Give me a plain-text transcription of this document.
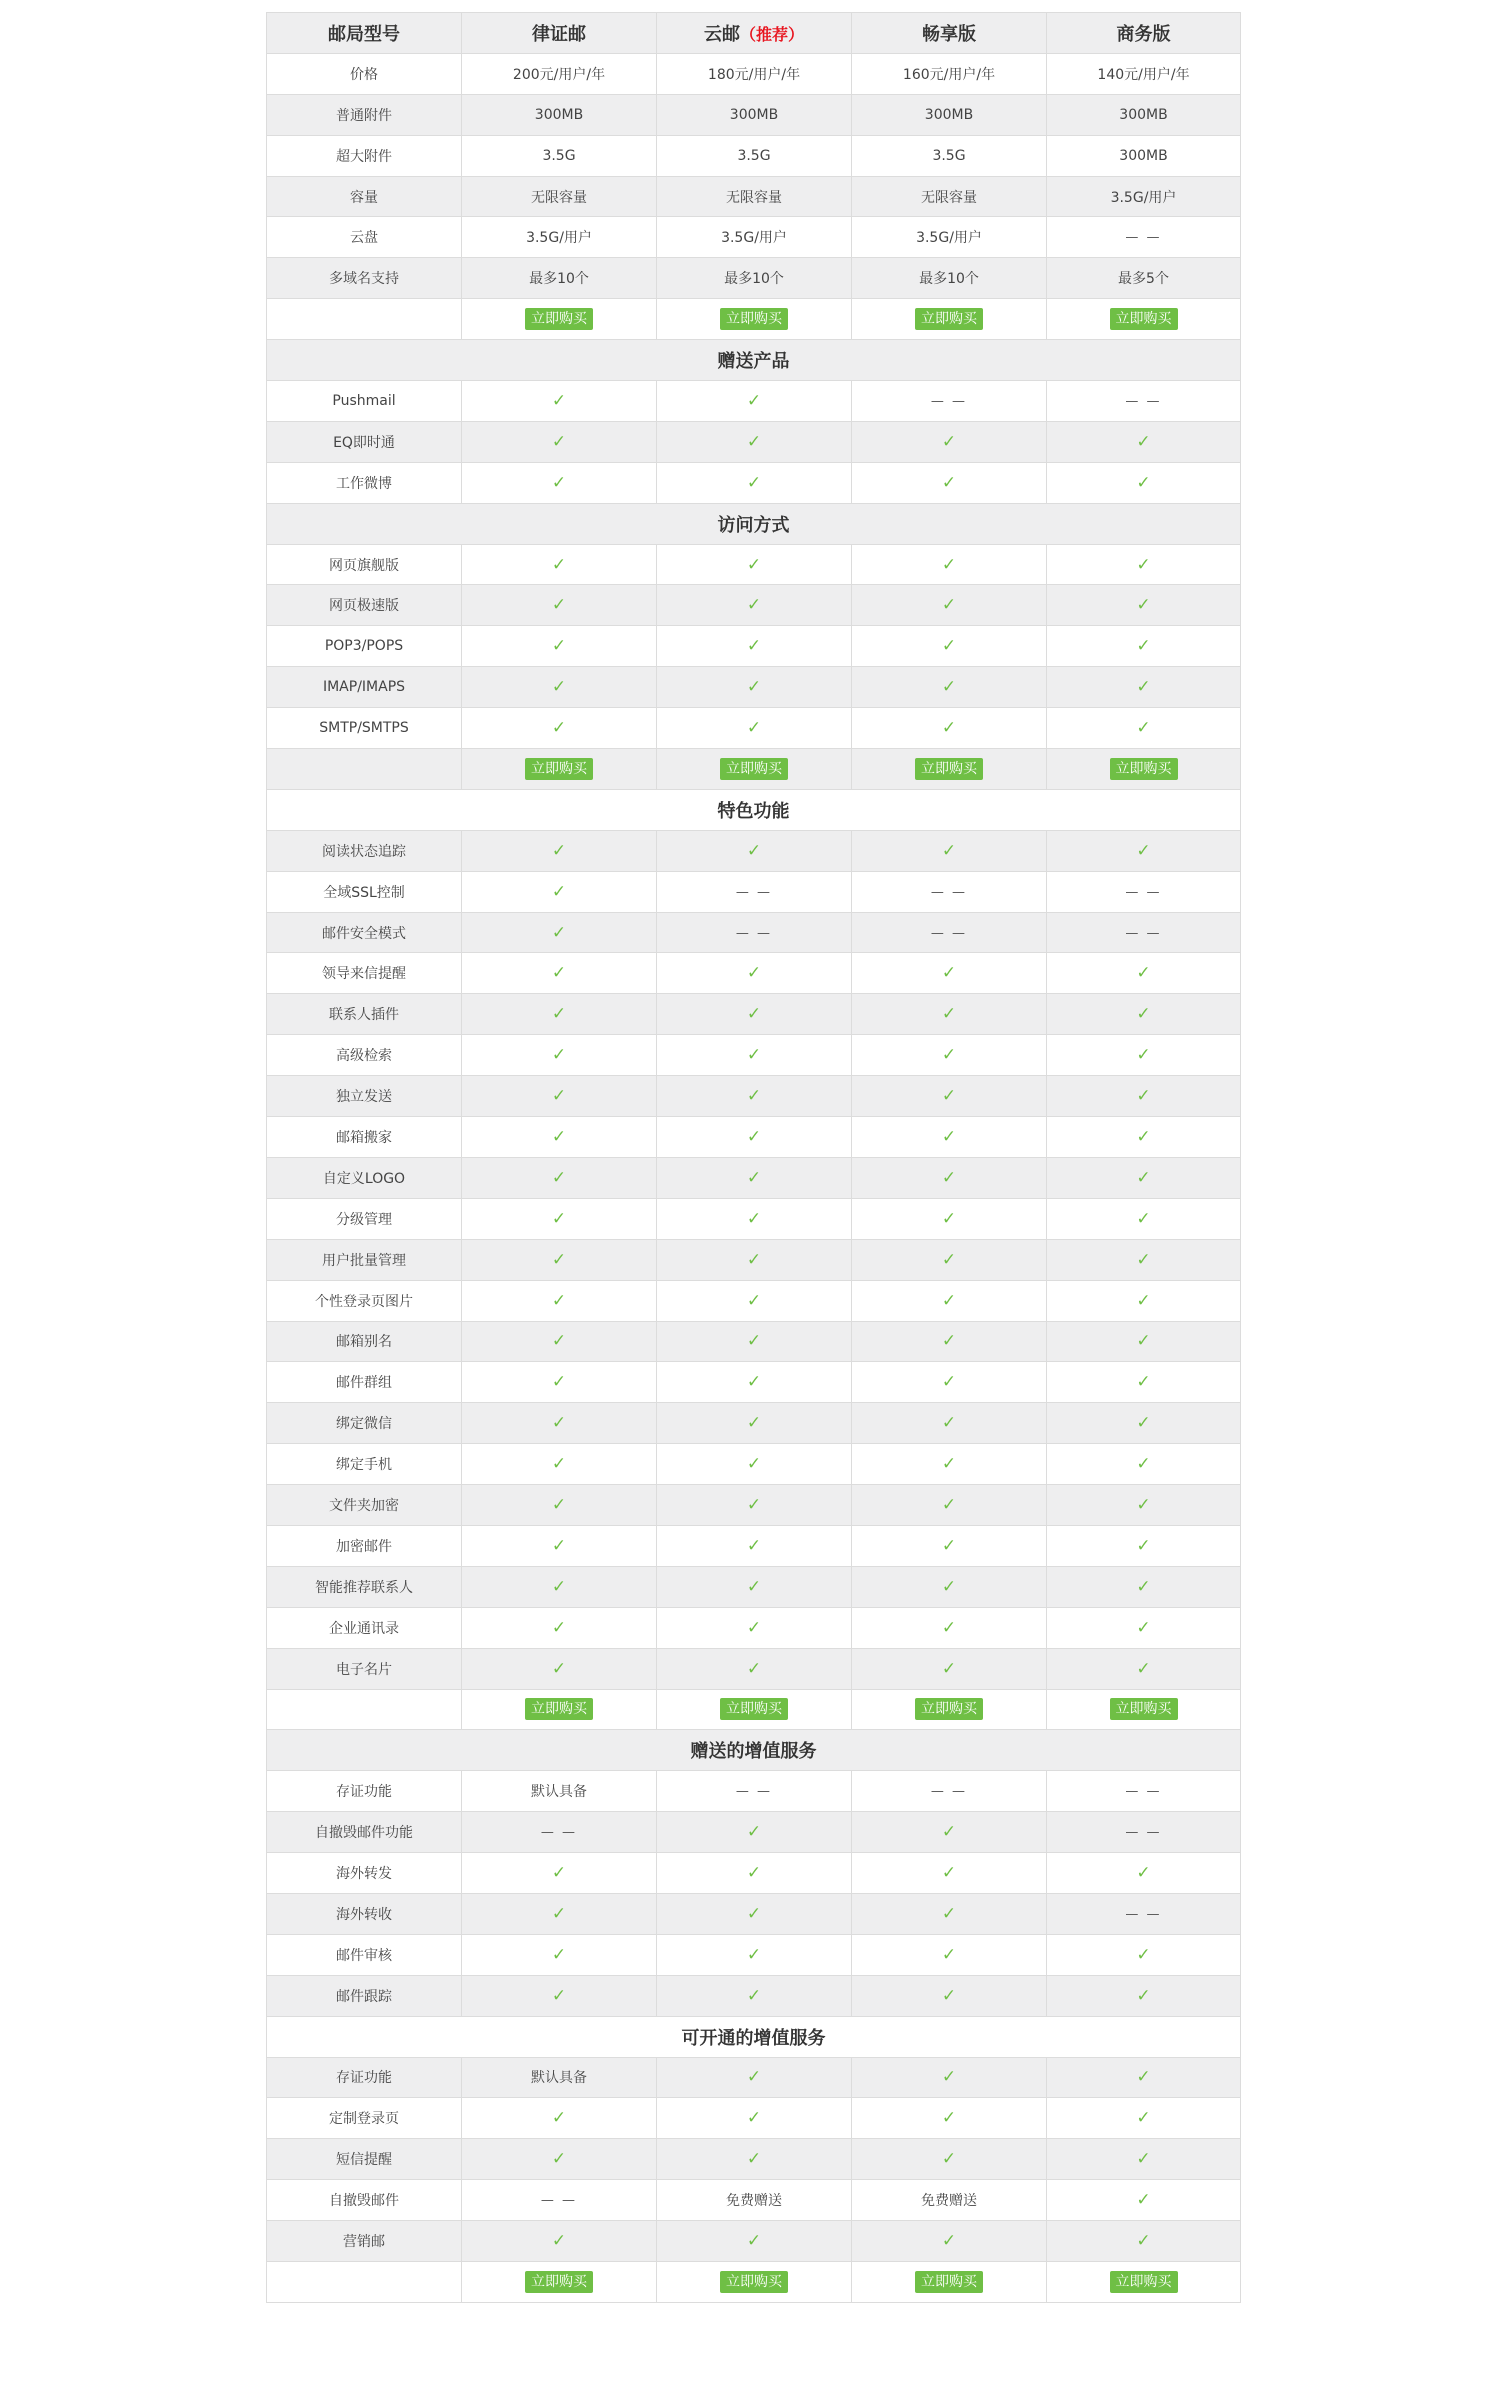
邮局型号	律证邮	云邮（推荐）	畅享版	商务版
价格	200元/用户/年	180元/用户/年	160元/用户/年	140元/用户/年
普通附件	300MB	300MB	300MB	300MB
超大附件	3.5G	3.5G	3.5G	300MB
容量	无限容量	无限容量	无限容量	3.5G/用户
云盘	3.5G/用户	3.5G/用户	3.5G/用户	— —
多域名支持	最多10个	最多10个	最多10个	最多5个
	立即购买	立即购买	立即购买	立即购买
赠送产品				
Pushmail	✓	✓	— —	— —
EQ即时通	✓	✓	✓	✓
工作微博	✓	✓	✓	✓
访问方式				
网页旗舰版	✓	✓	✓	✓
网页极速版	✓	✓	✓	✓
POP3/POPS	✓	✓	✓	✓
IMAP/IMAPS	✓	✓	✓	✓
SMTP/SMTPS	✓	✓	✓	✓
	立即购买	立即购买	立即购买	立即购买
特色功能				
阅读状态追踪	✓	✓	✓	✓
全域SSL控制	✓	— —	— —	— —
邮件安全模式	✓	— —	— —	— —
领导来信提醒	✓	✓	✓	✓
联系人插件	✓	✓	✓	✓
高级检索	✓	✓	✓	✓
独立发送	✓	✓	✓	✓
邮箱搬家	✓	✓	✓	✓
自定义LOGO	✓	✓	✓	✓
分级管理	✓	✓	✓	✓
用户批量管理	✓	✓	✓	✓
个性登录页图片	✓	✓	✓	✓
邮箱别名	✓	✓	✓	✓
邮件群组	✓	✓	✓	✓
绑定微信	✓	✓	✓	✓
绑定手机	✓	✓	✓	✓
文件夹加密	✓	✓	✓	✓
加密邮件	✓	✓	✓	✓
智能推荐联系人	✓	✓	✓	✓
企业通讯录	✓	✓	✓	✓
电子名片	✓	✓	✓	✓
	立即购买	立即购买	立即购买	立即购买
赠送的增值服务				
存证功能	默认具备	— —	— —	— —
自撤毁邮件功能	— —	✓	✓	— —
海外转发	✓	✓	✓	✓
海外转收	✓	✓	✓	— —
邮件审核	✓	✓	✓	✓
邮件跟踪	✓	✓	✓	✓
可开通的增值服务				
存证功能	默认具备	✓	✓	✓
定制登录页	✓	✓	✓	✓
短信提醒	✓	✓	✓	✓
自撤毁邮件	— —	免费赠送	免费赠送	✓
营销邮	✓	✓	✓	✓
	立即购买	立即购买	立即购买	立即购买
